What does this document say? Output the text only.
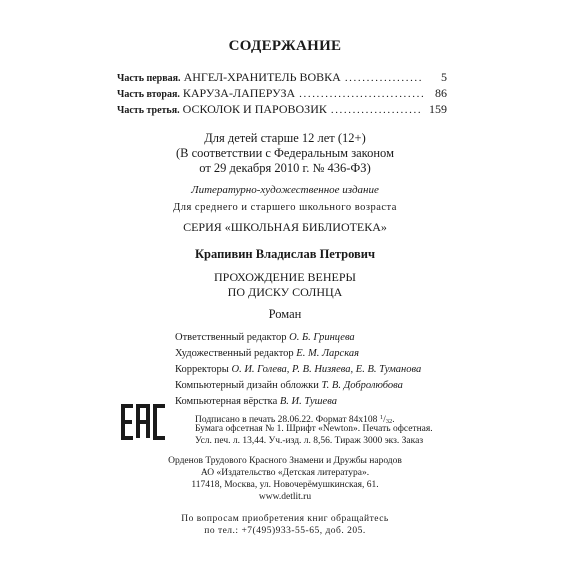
СОДЕРЖАНИЕ
Часть первая. АНГЕЛ-ХРАНИТЕЛЬ ВОВКА .....	5
Часть вторая. КАРУЗА-ЛАПЕРУЗА .....	86
Часть третья. ОСКОЛОК И ПАРОВОЗИК .....	159
Для детей старше 12 лет (12+)
(В соответствии с Федеральным законом
от 29 декабря 2010 г. № 436-ФЗ)
Литературно-художественное издание
Для среднего и старшего школьного возраста
СЕРИЯ «ШКОЛЬНАЯ БИБЛИОТЕКА»
Крапивин Владислав Петрович
ПРОХОЖДЕНИЕ ВЕНЕРЫ
ПО ДИСКУ СОЛНЦА
Роман
Ответственный редактор О. Б. Гринцева
Художественный редактор Е. М. Ларская
Корректоры О. И. Голева, Р. В. Низяева, Е. В. Туманова
Компьютерный дизайн обложки Т. В. Добролюбова
Компьютерная вёрстка В. И. Тушева
Подписано в печать 28.06.22. Формат 84x108 $^1/_{32}$.
Бумага офсетная № 1. Шрифт «Newton». Печать офсетная.
Усл. печ. л. 13,44. Уч.-изд. л. 8,56. Тираж 3000 экз. Заказ
Орденов Трудового Красного Знамени и Дружбы народов
АО «Издательство «Детская литература».
117418, Москва, ул. Новочерёмушкинская, 61.
www.detlit.ru
По вопросам приобретения книг обращайтесь
по тел.: +7(495)933-55-65, доб. 205.
